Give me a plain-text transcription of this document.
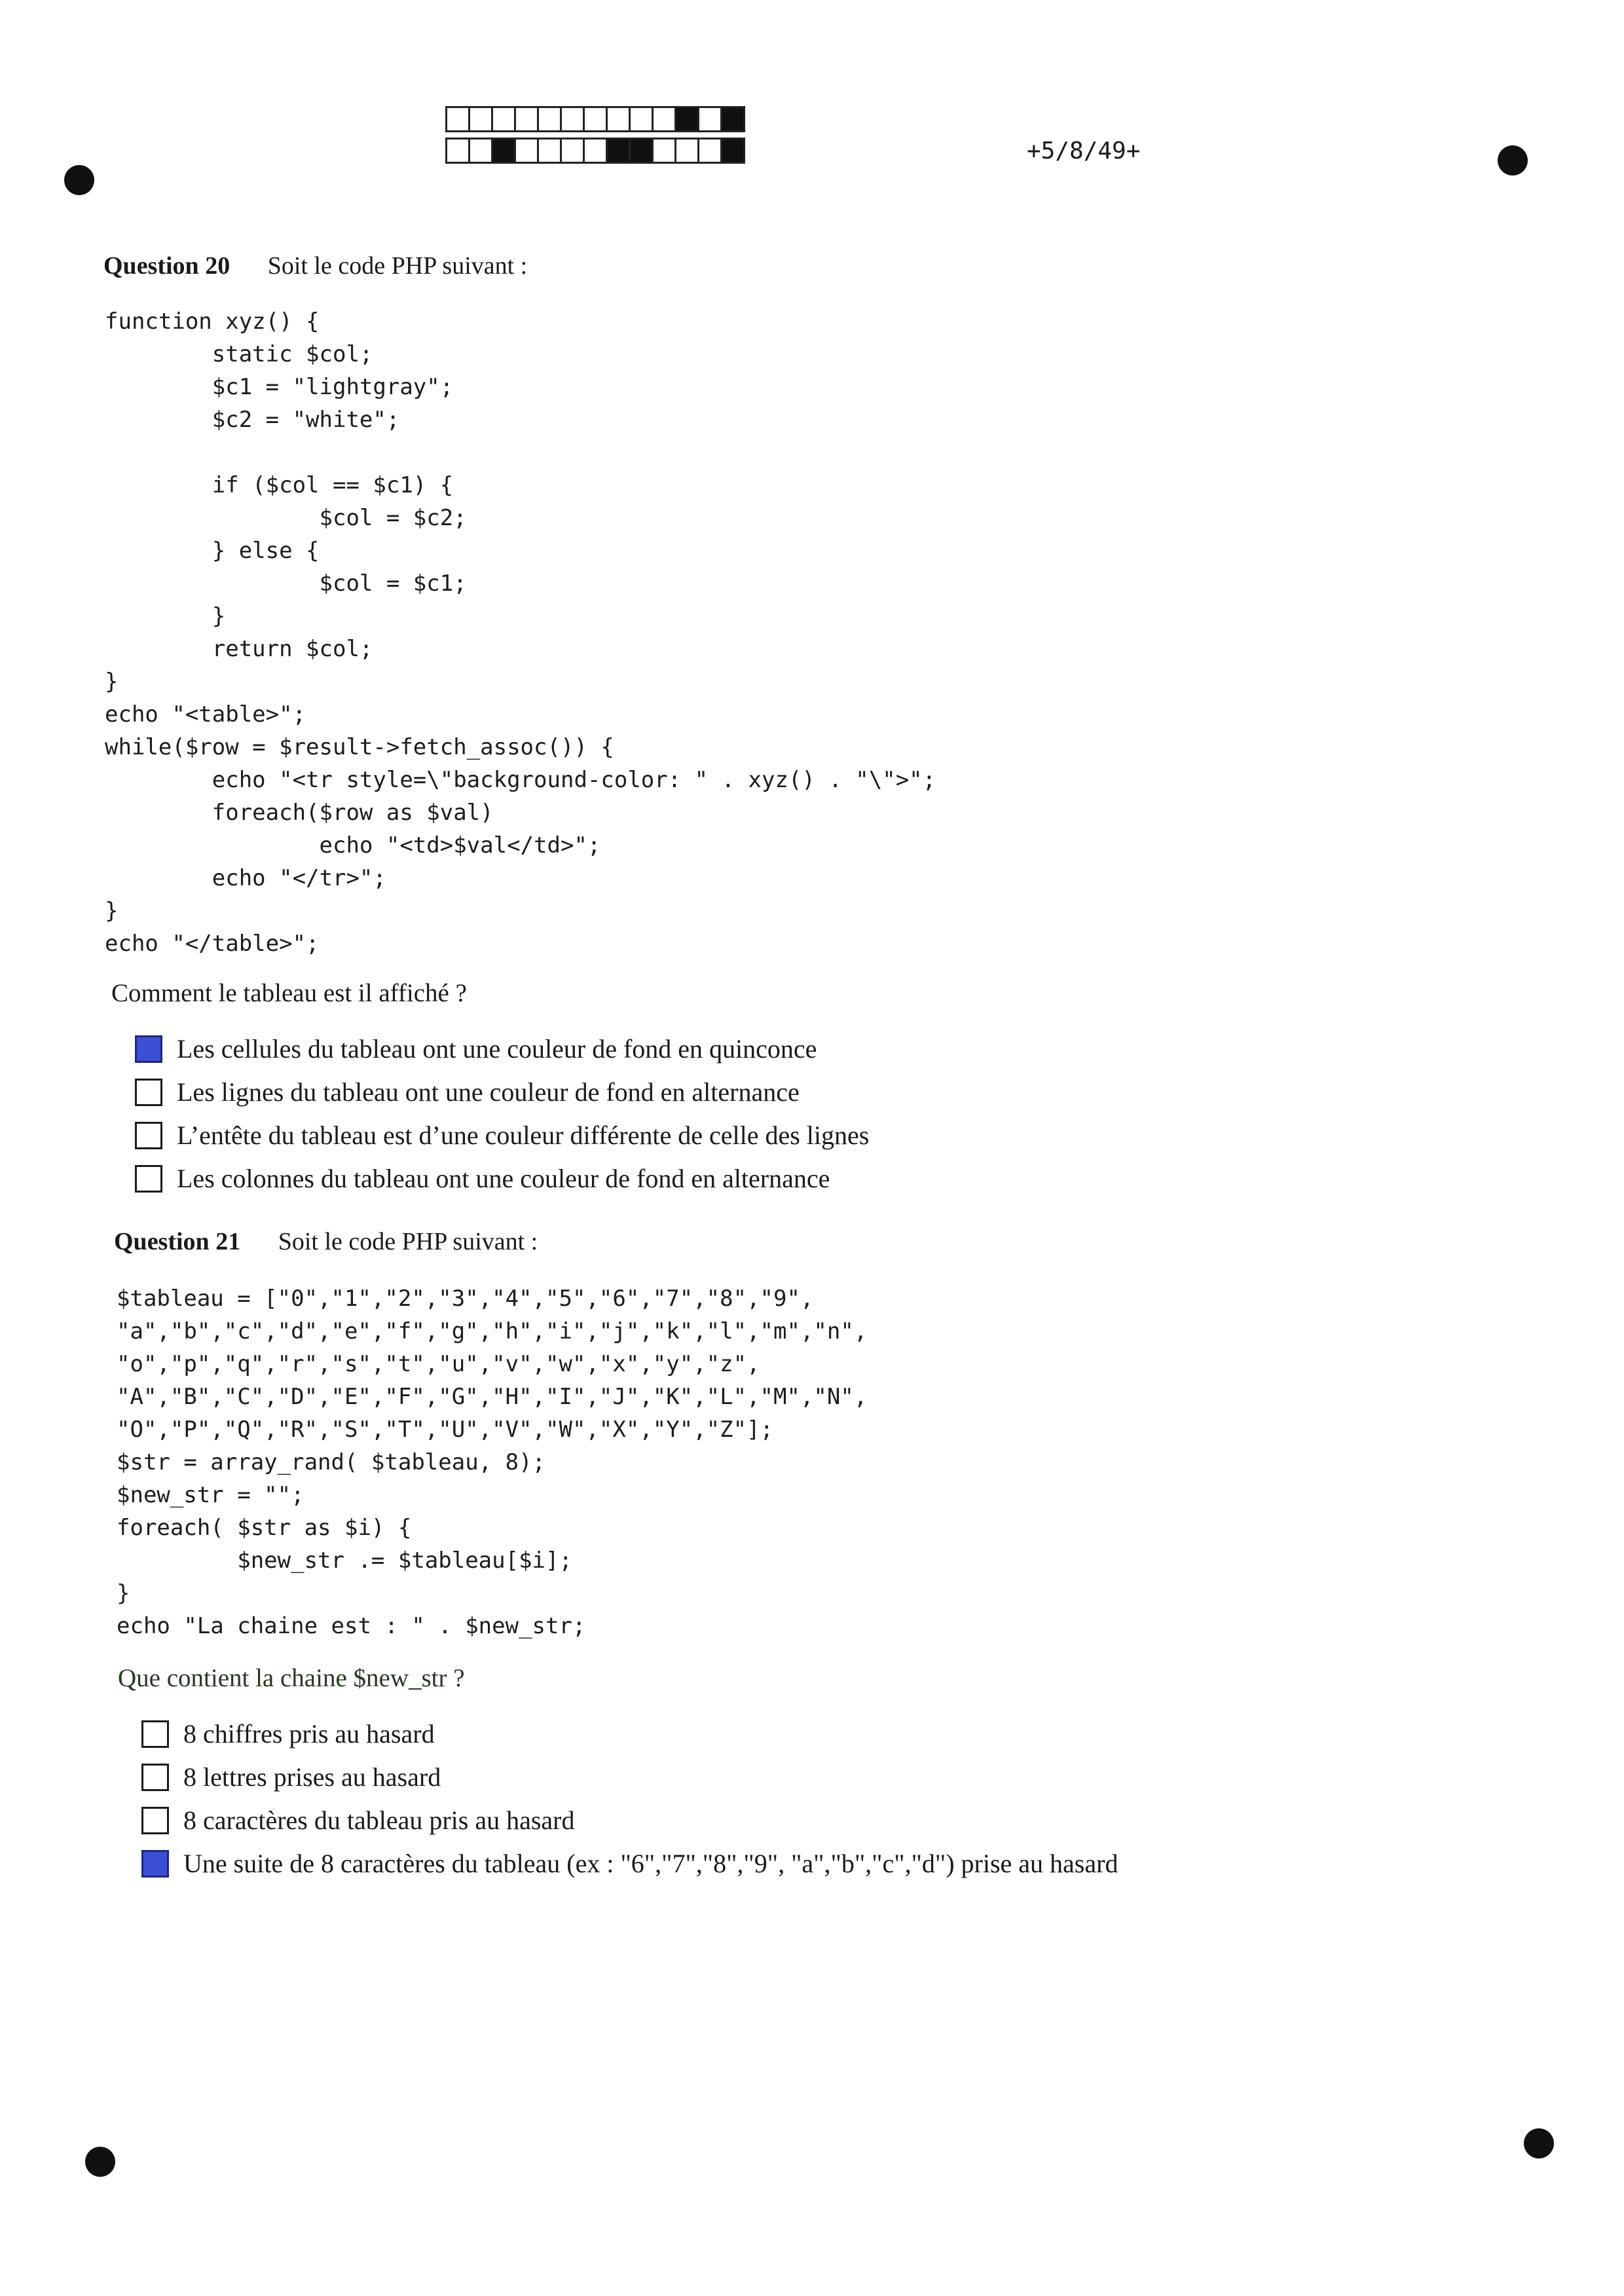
+5/8/49+
Question 20 Soit le code PHP suivant :
function xyz() {
static $col;
$c1 = "lightgray";
$c2 = "white";

if ($col == $c1) {
$col = $c2;
} else {
$col = $c1;
}
return $col;
}
echo "<table>";
while($row = $result->fetch_assoc()) {
echo "<tr style=\"background-color: " . xyz() . "\">";
foreach($row as $val)
echo "<td>$val</td>";
echo "</tr>";
}
echo "</table>";
Comment le tableau est il affiché ?
Les cellules du tableau ont une couleur de fond en quinconce
Les lignes du tableau ont une couleur de fond en alternance
L’entête du tableau est d’une couleur différente de celle des lignes
Les colonnes du tableau ont une couleur de fond en alternance
Question 21 Soit le code PHP suivant :
$tableau = ["0","1","2","3","4","5","6","7","8","9",
"a","b","c","d","e","f","g","h","i","j","k","l","m","n",
"o","p","q","r","s","t","u","v","w","x","y","z",
"A","B","C","D","E","F","G","H","I","J","K","L","M","N",
"O","P","Q","R","S","T","U","V","W","X","Y","Z"];
$str = array_rand( $tableau, 8);
$new_str = "";
foreach( $str as $i) {
$new_str .= $tableau[$i];
}
echo "La chaine est : " . $new_str;
Que contient la chaine $new_str ?
8 chiffres pris au hasard
8 lettres prises au hasard
8 caractères du tableau pris au hasard
Une suite de 8 caractères du tableau (ex : "6","7","8","9", "a","b","c","d") prise au hasard
